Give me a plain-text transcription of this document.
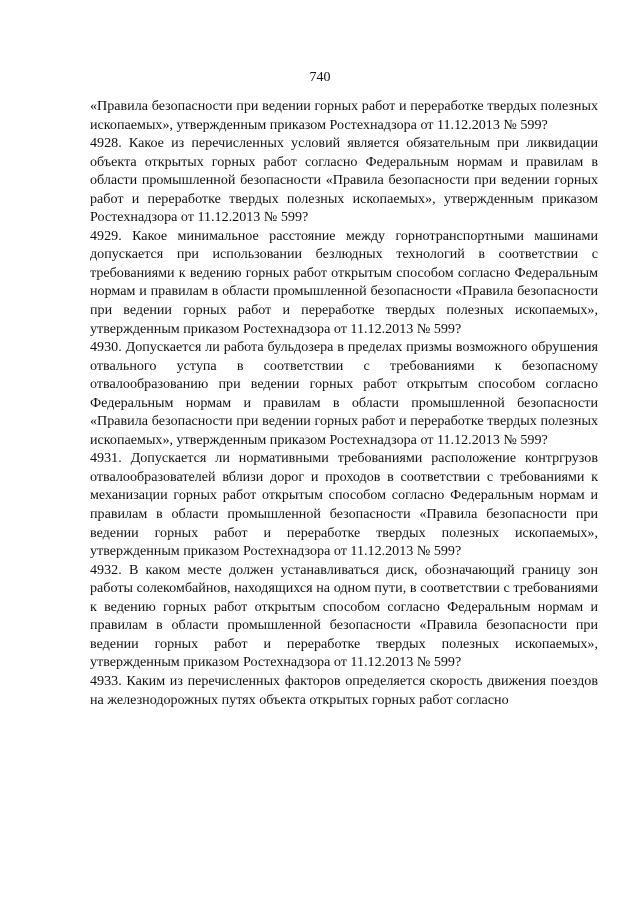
740

«Правила безопасности при ведении горных работ и переработке твердых полезных ископаемых», утвержденным приказом Ростехнадзора от 11.12.2013 № 599?

4928. Какое из перечисленных условий является обязательным при ликвидации объекта открытых горных работ согласно Федеральным нормам и правилам в области промышленной безопасности «Правила безопасности при ведении горных работ и переработке твердых полезных ископаемых», утвержденным приказом Ростехнадзора от 11.12.2013 № 599?

4929. Какое минимальное расстояние между горнотранспортными машинами допускается при использовании безлюдных технологий в соответствии с требованиями к ведению горных работ открытым способом согласно Федеральным нормам и правилам в области промышленной безопасности «Правила безопасности при ведении горных работ и переработке твердых полезных ископаемых», утвержденным приказом Ростехнадзора от 11.12.2013 № 599?

4930. Допускается ли работа бульдозера в пределах призмы возможного обрушения отвального уступа в соответствии с требованиями к безопасному отвалообразованию при ведении горных работ открытым способом согласно Федеральным нормам и правилам в области промышленной безопасности «Правила безопасности при ведении горных работ и переработке твердых полезных ископаемых», утвержденным приказом Ростехнадзора от 11.12.2013 № 599?

4931. Допускается ли нормативными требованиями расположение контргрузов отвалообразователей вблизи дорог и проходов в соответствии с требованиями к механизации горных работ открытым способом согласно Федеральным нормам и правилам в области промышленной безопасности «Правила безопасности при ведении горных работ и переработке твердых полезных ископаемых», утвержденным приказом Ростехнадзора от 11.12.2013 № 599?

4932. В каком месте должен устанавливаться диск, обозначающий границу зон работы солекомбайнов, находящихся на одном пути, в соответствии с требованиями к ведению горных работ открытым способом согласно Федеральным нормам и правилам в области промышленной безопасности «Правила безопасности при ведении горных работ и переработке твердых полезных ископаемых», утвержденным приказом Ростехнадзора от 11.12.2013 № 599?

4933. Каким из перечисленных факторов определяется скорость движения поездов на железнодорожных путях объекта открытых горных работ согласно
